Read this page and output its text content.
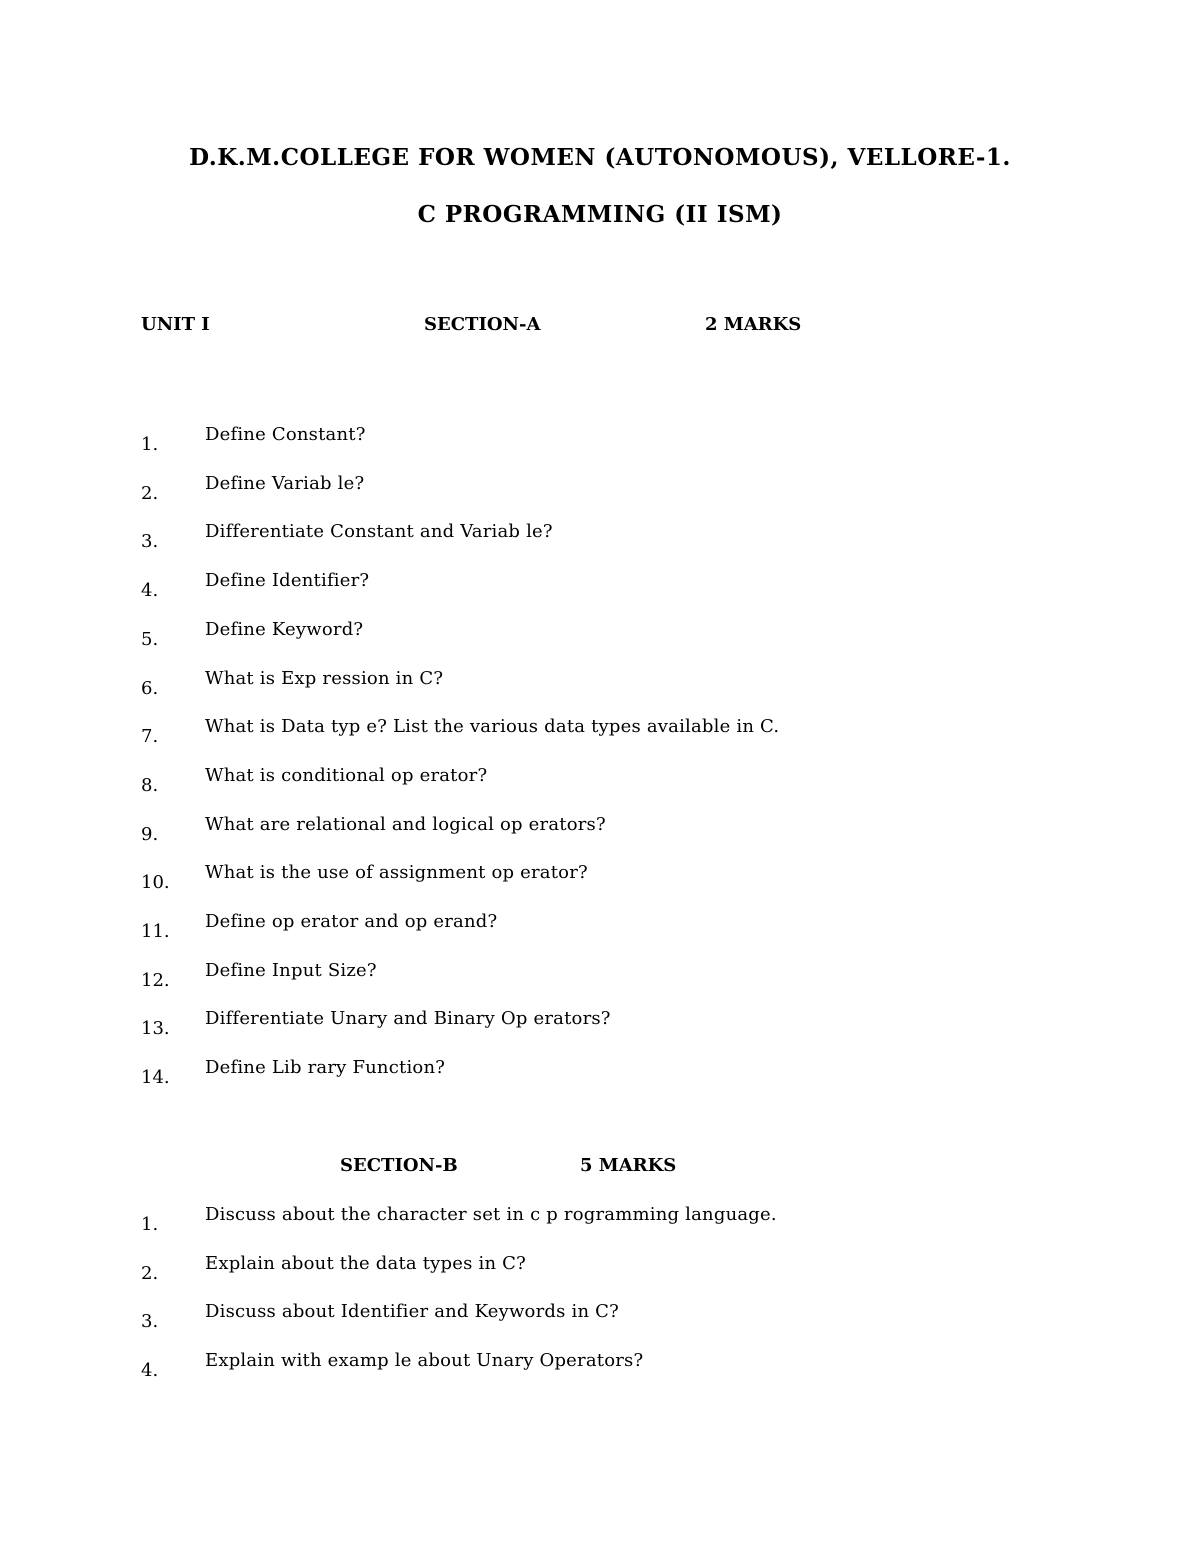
D.K.M.COLLEGE FOR WOMEN (AUTONOMOUS), VELLORE-1.
C PROGRAMMING (II ISM)
UNIT I	SECTION-A	2 MARKS
1.	Define Constant?
2.	Define Variab le?
3.	Differentiate Constant and Variab le?
4.	Define Identifier?
5.	Define Keyword?
6.	What is Exp ression in C?
7.	What is Data typ e? List the various data types available in C.
8.	What is conditional op erator?
9.	What are relational and logical op erators?
10. What is the use of assignment op erator?
11. Define op erator and op erand?
12. Define Input Size?
13. Differentiate Unary and Binary Op erators?
14. Define Lib rary Function?
SECTION-B	5 MARKS
1.	Discuss about the character set in c p rogramming language.
2.	Explain about the data types in C?
3.	Discuss about Identifier and Keywords in C?
4.	Explain with examp le about Unary Operators?
